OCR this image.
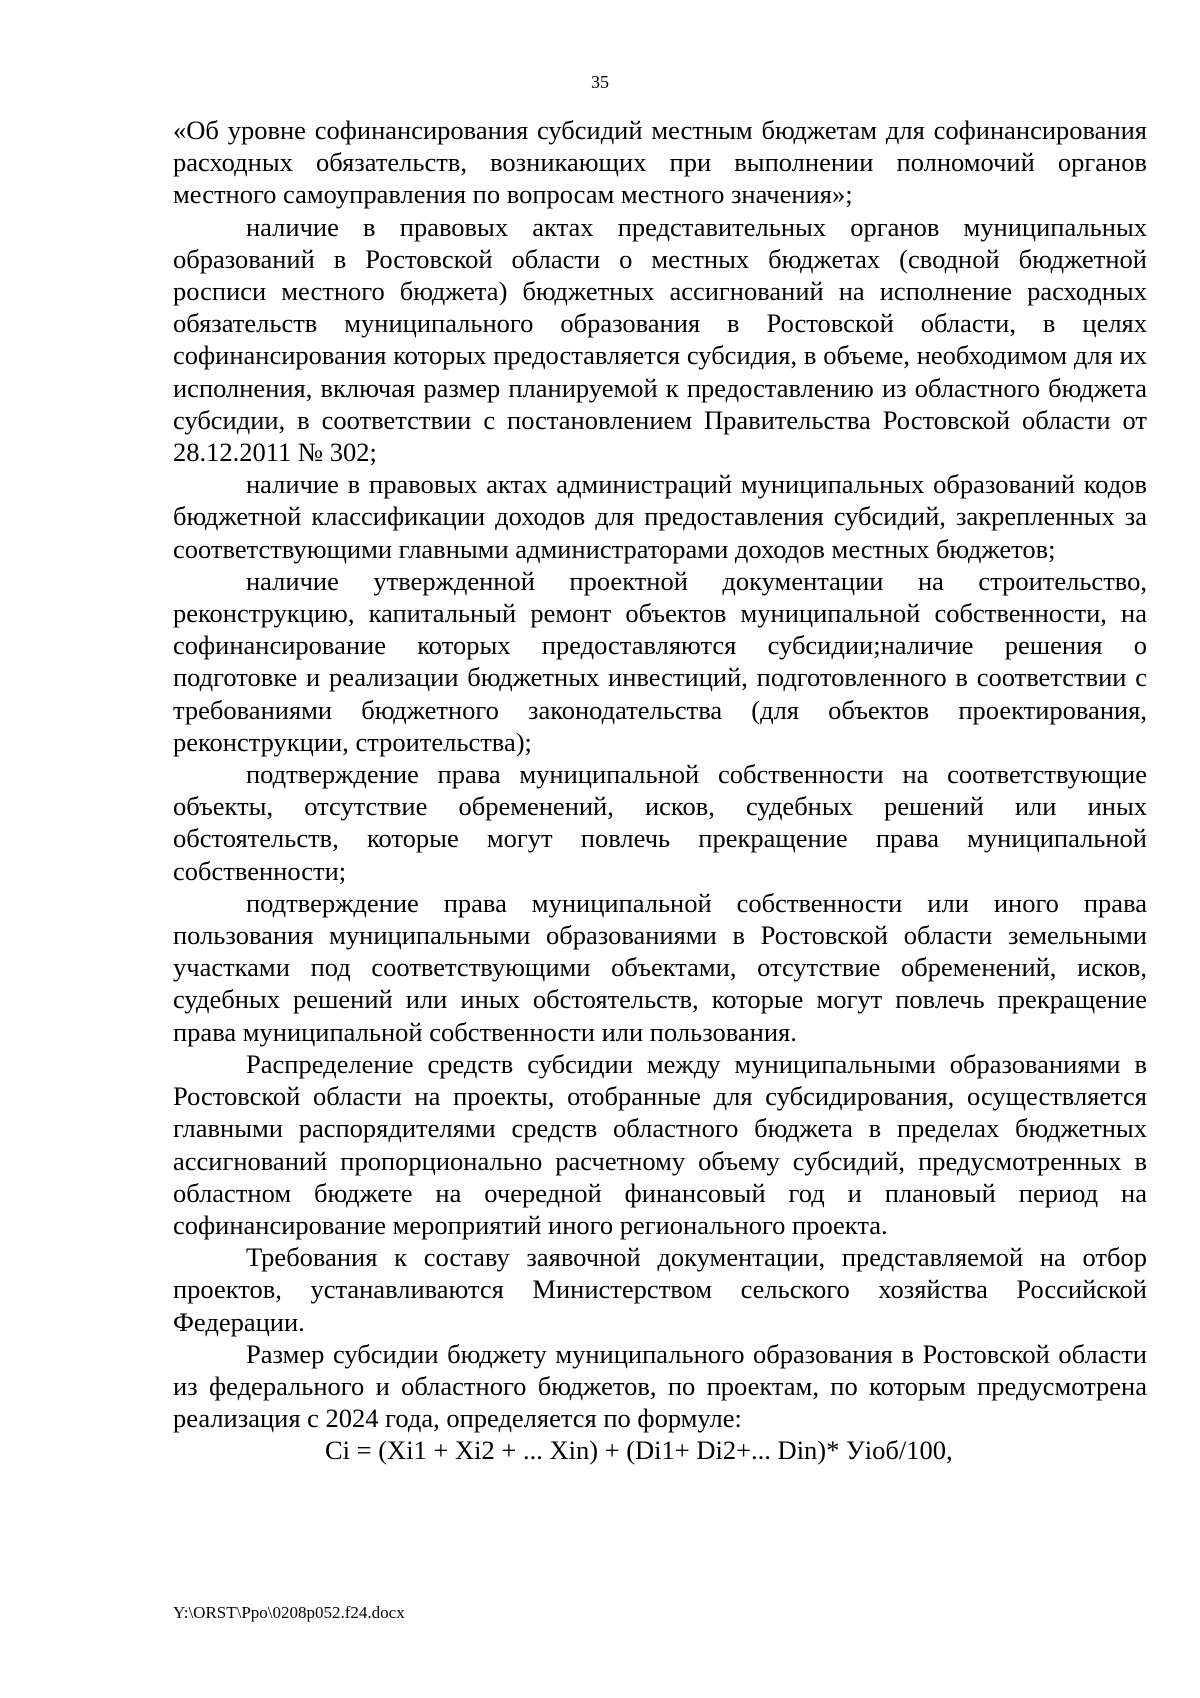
35

«Об уровне софинансирования субсидий местным бюджетам для софинансирования расходных обязательств, возникающих при выполнении полномочий органов местного самоуправления по вопросам местного значения»;

наличие в правовых актах представительных органов муниципальных образований в Ростовской области о местных бюджетах (сводной бюджетной росписи местного бюджета) бюджетных ассигнований на исполнение расходных обязательств муниципального образования в Ростовской области, в целях софинансирования которых предоставляется субсидия, в объеме, необходимом для их исполнения, включая размер планируемой к предоставлению из областного бюджета субсидии, в соответствии с постановлением Правительства Ростовской области от 28.12.2011 № 302;

наличие в правовых актах администраций муниципальных образований кодов бюджетной классификации доходов для предоставления субсидий, закрепленных за соответствующими главными администраторами доходов местных бюджетов;

наличие утвержденной проектной документации на строительство, реконструкцию, капитальный ремонт объектов муниципальной собственности, на софинансирование которых предоставляются субсидии;наличие решения о подготовке и реализации бюджетных инвестиций, подготовленного в соответствии с требованиями бюджетного законодательства (для объектов проектирования, реконструкции, строительства);

подтверждение права муниципальной собственности на соответствующие объекты, отсутствие обременений, исков, судебных решений или иных обстоятельств, которые могут повлечь прекращение права муниципальной собственности;

подтверждение права муниципальной собственности или иного права пользования муниципальными образованиями в Ростовской области земельными участками под соответствующими объектами, отсутствие обременений, исков, судебных решений или иных обстоятельств, которые могут повлечь прекращение права муниципальной собственности или пользования.

Распределение средств субсидии между муниципальными образованиями в Ростовской области на проекты, отобранные для субсидирования, осуществляется главными распорядителями средств областного бюджета в пределах бюджетных ассигнований пропорционально расчетному объему субсидий, предусмотренных в областном бюджете на очередной финансовый год и плановый период на софинансирование мероприятий иного регионального проекта.

Требования к составу заявочной документации, представляемой на отбор проектов, устанавливаются Министерством сельского хозяйства Российской Федерации.

Размер субсидии бюджету муниципального образования в Ростовской области из федерального и областного бюджетов, по проектам, по которым предусмотрена реализация с 2024 года, определяется по формуле:

Ci = (Xi1 + Xi2 + ... Xin) + (Di1+ Di2+... Din)* Уioб/100,

Y:\ORST\Ppo\0208p052.f24.docx
